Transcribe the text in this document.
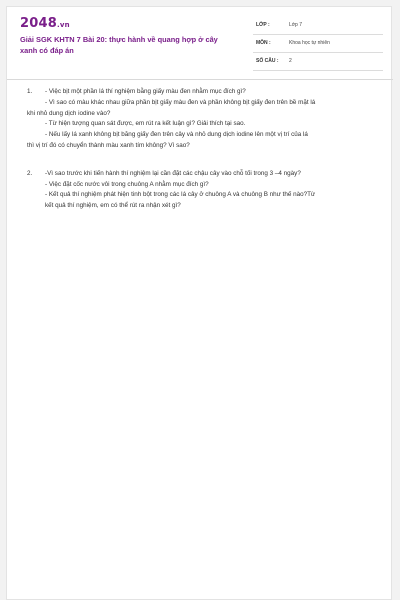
2048.vn
Giải SGK KHTN 7 Bài 20: thực hành về quang hợp ở cây xanh có đáp án
LỚP :	Lớp 7
MÔN :	Khoa học tự nhiên
SỐ CÂU : 2
1. - Việc bịt một phần lá thí nghiệm bằng giấy màu đen nhằm mục đích gì?
- Vì sao có màu khác nhau giữa phần bịt giấy màu đen và phần không bịt giấy đen trên bề mặt lá
khi nhỏ dung dịch iodine vào?
- Từ hiện tượng quan sát được, em rút ra kết luận gì? Giải thích tại sao.
- Nếu lấy lá xanh không bịt băng giấy đen trên cây và nhỏ dung dịch iodine lên một vị trí của lá
thì vị trí đó có chuyển thành màu xanh tím không? Vì sao?
2. -Vì sao trước khi tiến hành thí nghiệm lại cần đặt các chậu cây vào chỗ tối trong 3 –4 ngày?
- Việc đặt cốc nước vôi trong chuông A nhằm mục đích gì?
- Kết quả thí nghiệm phát hiện tinh bột trong các lá cây ở chuông A và chuông B như thế nào?Từ
kết quả thí nghiệm, em có thể rút ra nhận xét gì?
